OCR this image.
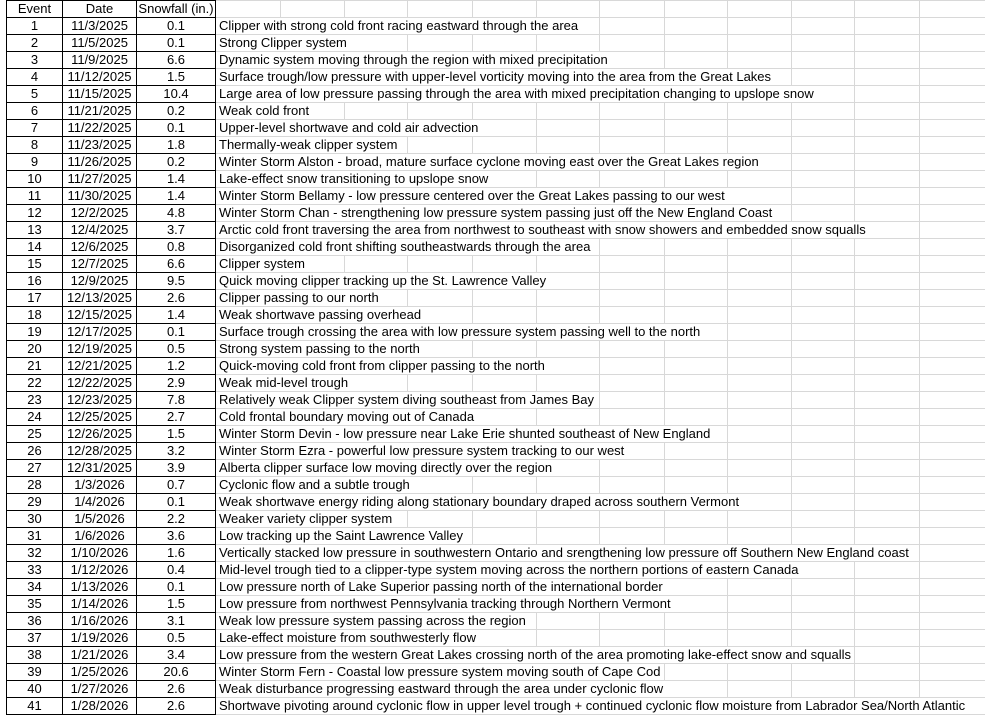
Event	Date	Snowfall (in.)
1	11/3/2025	0.1	Clipper with strong cold front racing eastward through the area
2	11/5/2025	0.1	Strong Clipper system
3	11/9/2025	6.6	Dynamic system moving through the region with mixed precipitation
4	11/12/2025	1.5	Surface trough/low pressure with upper-level vorticity moving into the area from the Great Lakes
5	11/15/2025	10.4	Large area of low pressure passing through the area with mixed precipitation changing to upslope snow
6	11/21/2025	0.2	Weak cold front
7	11/22/2025	0.1	Upper-level shortwave and cold air advection
8	11/23/2025	1.8	Thermally-weak clipper system
9	11/26/2025	0.2	Winter Storm Alston - broad, mature surface cyclone moving east over the Great Lakes region
10	11/27/2025	1.4	Lake-effect snow transitioning to upslope snow
11	11/30/2025	1.4	Winter Storm Bellamy - low pressure centered over the Great Lakes passing to our west
12	12/2/2025	4.8	Winter Storm Chan - strengthening low pressure system passing just off the New England Coast
13	12/4/2025	3.7	Arctic cold front traversing the area from northwest to southeast with snow showers and embedded snow squalls
14	12/6/2025	0.8	Disorganized cold front shifting southeastwards through the area
15	12/7/2025	6.6	Clipper system
16	12/9/2025	9.5	Quick moving clipper tracking up the St. Lawrence Valley
17	12/13/2025	2.6	Clipper passing to our north
18	12/15/2025	1.4	Weak shortwave passing overhead
19	12/17/2025	0.1	Surface trough crossing the area with low pressure system passing well to the north
20	12/19/2025	0.5	Strong system passing to the north
21	12/21/2025	1.2	Quick-moving cold front from clipper passing to the north
22	12/22/2025	2.9	Weak mid-level trough
23	12/23/2025	7.8	Relatively weak Clipper system diving southeast from James Bay
24	12/25/2025	2.7	Cold frontal boundary moving out of Canada
25	12/26/2025	1.5	Winter Storm Devin - low pressure near Lake Erie shunted southeast of New England
26	12/28/2025	3.2	Winter Storm Ezra - powerful low pressure system tracking to our west
27	12/31/2025	3.9	Alberta clipper surface low moving directly over the region
28	1/3/2026	0.7	Cyclonic flow and a subtle trough
29	1/4/2026	0.1	Weak shortwave energy riding along stationary boundary draped across southern Vermont
30	1/5/2026	2.2	Weaker variety clipper system
31	1/6/2026	3.6	Low tracking up the Saint Lawrence Valley
32	1/10/2026	1.6	Vertically stacked low pressure in southwestern Ontario and srengthening low pressure off Southern New England coast
33	1/12/2026	0.4	Mid-level trough tied to a clipper-type system moving across the northern portions of eastern Canada
34	1/13/2026	0.1	Low pressure north of Lake Superior passing north of the international border
35	1/14/2026	1.5	Low pressure from northwest Pennsylvania tracking through Northern Vermont
36	1/16/2026	3.1	Weak low pressure system passing across the region
37	1/19/2026	0.5	Lake-effect moisture from southwesterly flow
38	1/21/2026	3.4	Low pressure from the western Great Lakes crossing north of the area promoting lake-effect snow and squalls
39	1/25/2026	20.6	Winter Storm Fern - Coastal low pressure system moving south of Cape Cod
40	1/27/2026	2.6	Weak disturbance progressing eastward through the area under cyclonic flow
41	1/28/2026	2.6	Shortwave pivoting around cyclonic flow in upper level trough + continued cyclonic flow moisture from Labrador Sea/North Atlantic
